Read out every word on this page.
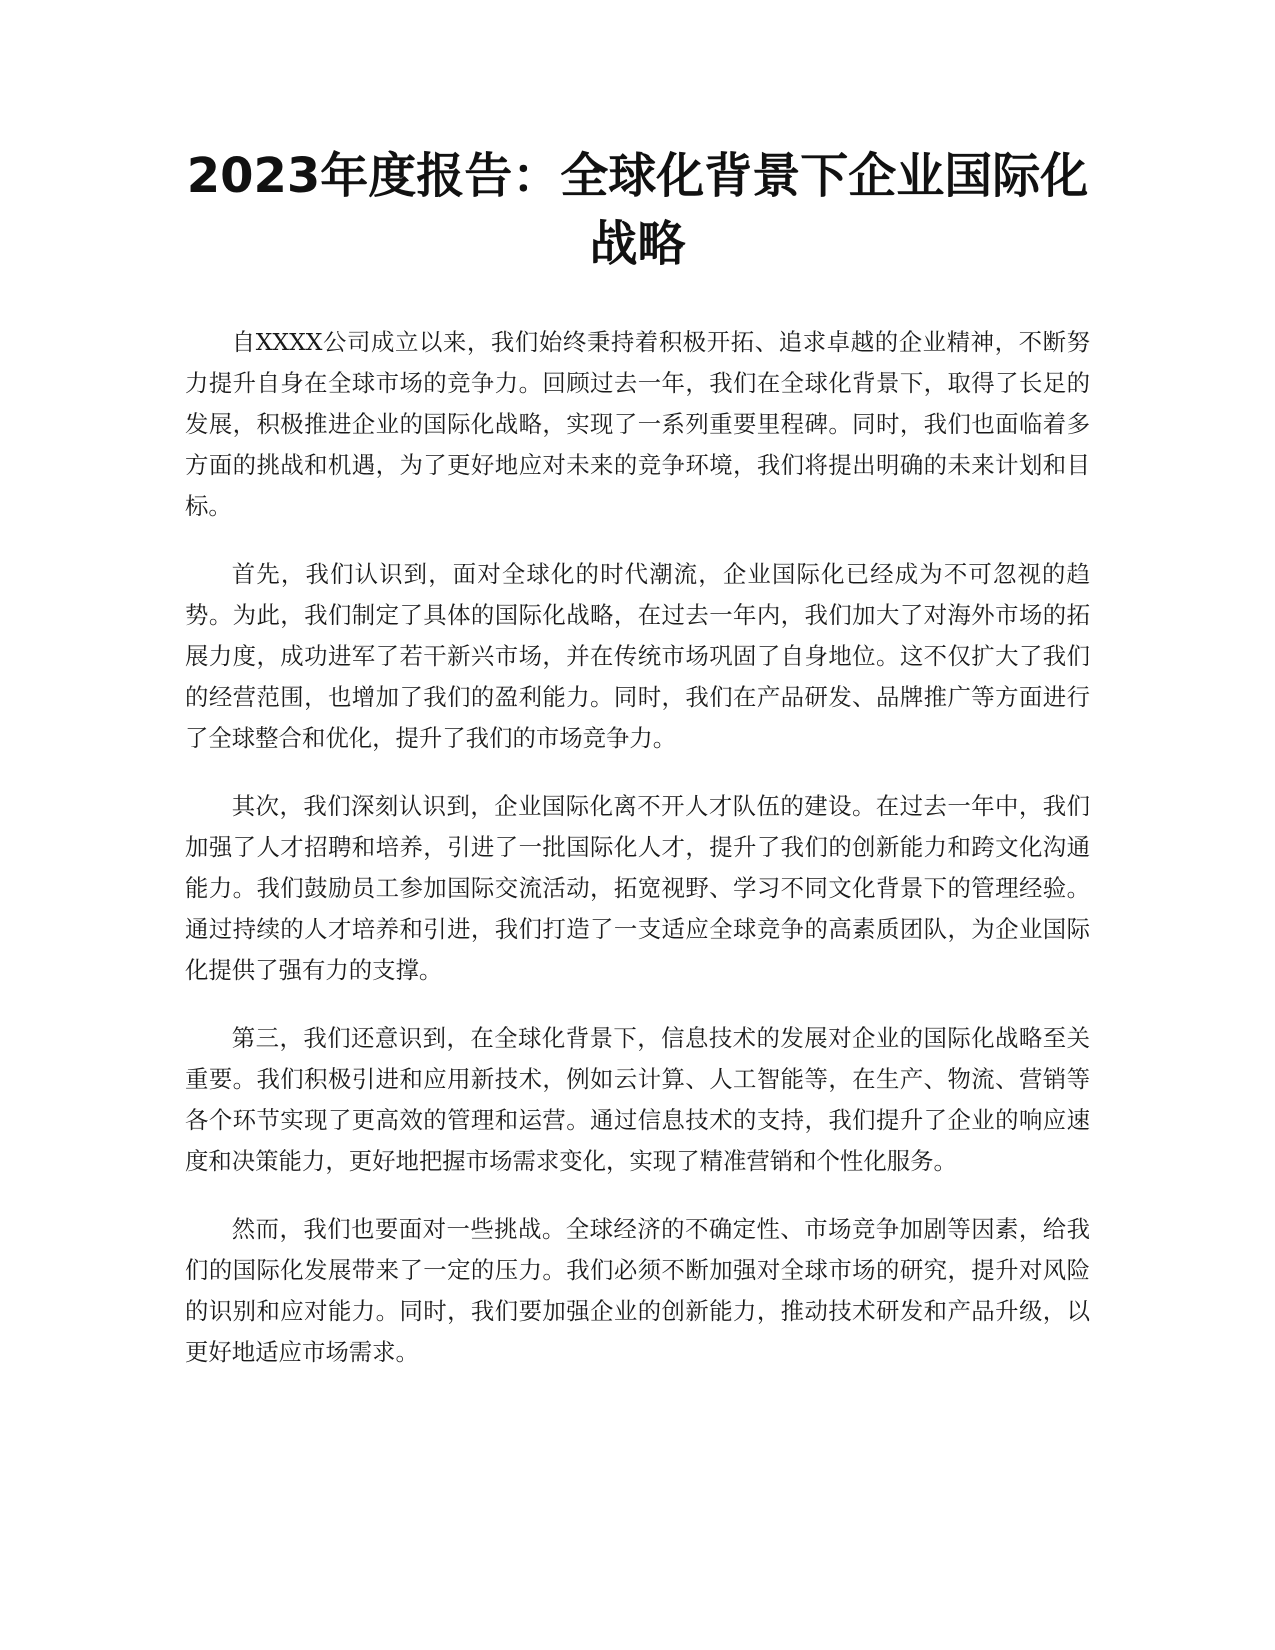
2023年度报告：全球化背景下企业国际化战略

自XXXX公司成立以来，我们始终秉持着积极开拓、追求卓越的企业精神，不断努力提升自身在全球市场的竞争力。回顾过去一年，我们在全球化背景下，取得了长足的发展，积极推进企业的国际化战略，实现了一系列重要里程碑。同时，我们也面临着多方面的挑战和机遇，为了更好地应对未来的竞争环境，我们将提出明确的未来计划和目标。

首先，我们认识到，面对全球化的时代潮流，企业国际化已经成为不可忽视的趋势。为此，我们制定了具体的国际化战略，在过去一年内，我们加大了对海外市场的拓展力度，成功进军了若干新兴市场，并在传统市场巩固了自身地位。这不仅扩大了我们的经营范围，也增加了我们的盈利能力。同时，我们在产品研发、品牌推广等方面进行了全球整合和优化，提升了我们的市场竞争力。

其次，我们深刻认识到，企业国际化离不开人才队伍的建设。在过去一年中，我们加强了人才招聘和培养，引进了一批国际化人才，提升了我们的创新能力和跨文化沟通能力。我们鼓励员工参加国际交流活动，拓宽视野、学习不同文化背景下的管理经验。通过持续的人才培养和引进，我们打造了一支适应全球竞争的高素质团队，为企业国际化提供了强有力的支撑。

第三，我们还意识到，在全球化背景下，信息技术的发展对企业的国际化战略至关重要。我们积极引进和应用新技术，例如云计算、人工智能等，在生产、物流、营销等各个环节实现了更高效的管理和运营。通过信息技术的支持，我们提升了企业的响应速度和决策能力，更好地把握市场需求变化，实现了精准营销和个性化服务。

然而，我们也要面对一些挑战。全球经济的不确定性、市场竞争加剧等因素，给我们的国际化发展带来了一定的压力。我们必须不断加强对全球市场的研究，提升对风险的识别和应对能力。同时，我们要加强企业的创新能力，推动技术研发和产品升级，以更好地适应市场需求。
